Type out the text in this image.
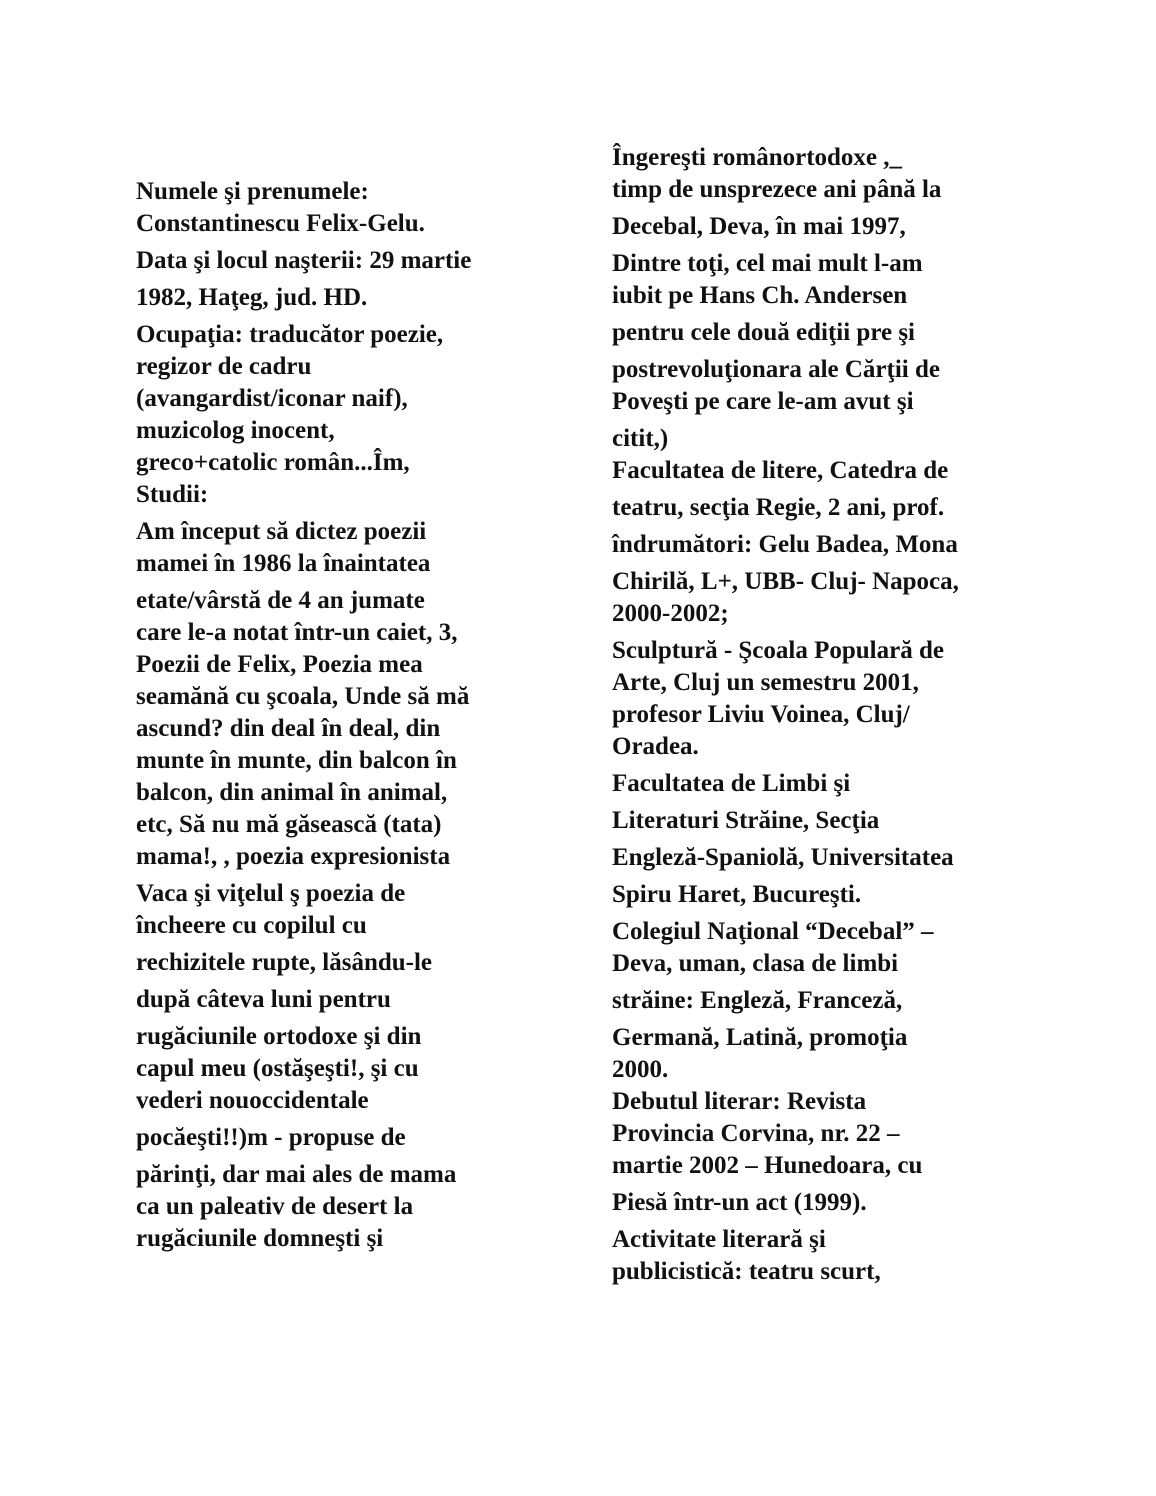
Numele şi prenumele:
Constantinescu Felix-Gelu.
Data şi locul naşterii: 29 martie
1982, Haţeg, jud. HD.
Ocupaţia: traducător poezie,
regizor de cadru
(avangardist/iconar naif),
muzicolog inocent,
greco+catolic român...Îm,
Studii:
Am început să dictez poezii
mamei în 1986 la înaintatea
etate/vârstă de 4 an jumate
care le-a notat într-un caiet, 3,
Poezii de Felix, Poezia mea
seamănă cu şcoala, Unde să mă
ascund? din deal în deal, din
munte în munte, din balcon în
balcon, din animal în animal,
etc, Să nu mă găsească (tata)
mama!, , poezia expresionista
Vaca şi viţelul ş poezia de
încheere cu copilul cu
rechizitele rupte, lăsându-le
după câteva luni pentru
rugăciunile ortodoxe şi din
capul meu (ostăşeşti!, şi cu
vederi nouoccidentale
pocăeşti!!)m - propuse de
părinţi, dar mai ales de mama
ca un paleativ de desert la
rugăciunile domneşti şi
Îngereşti românortodoxe ,_
timp de unsprezece ani până la
Decebal, Deva, în mai 1997,
Dintre toţi, cel mai mult l-am
iubit pe Hans Ch. Andersen
pentru cele două ediţii pre şi
postrevoluţionara ale Cărţii de
Poveşti pe care le-am avut şi
citit,)
Facultatea de litere, Catedra de
teatru, secţia Regie, 2 ani, prof.
îndrumători: Gelu Badea, Mona
Chirilă, L+, UBB- Cluj- Napoca,
2000-2002;
Sculptură - Şcoala Populară de
Arte, Cluj un semestru 2001,
profesor Liviu Voinea, Cluj/
Oradea.
Facultatea de Limbi şi
Literaturi Străine, Secţia
Engleză-Spaniolă, Universitatea
Spiru Haret, Bucureşti.
Colegiul Naţional “Decebal” –
Deva, uman, clasa de limbi
străine: Engleză, Franceză,
Germană, Latină, promoţia
2000.
Debutul literar: Revista
Provincia Corvina, nr. 22 –
martie 2002 – Hunedoara, cu
Piesă într-un act (1999).
Activitate literară şi
publicistică: teatru scurt,
